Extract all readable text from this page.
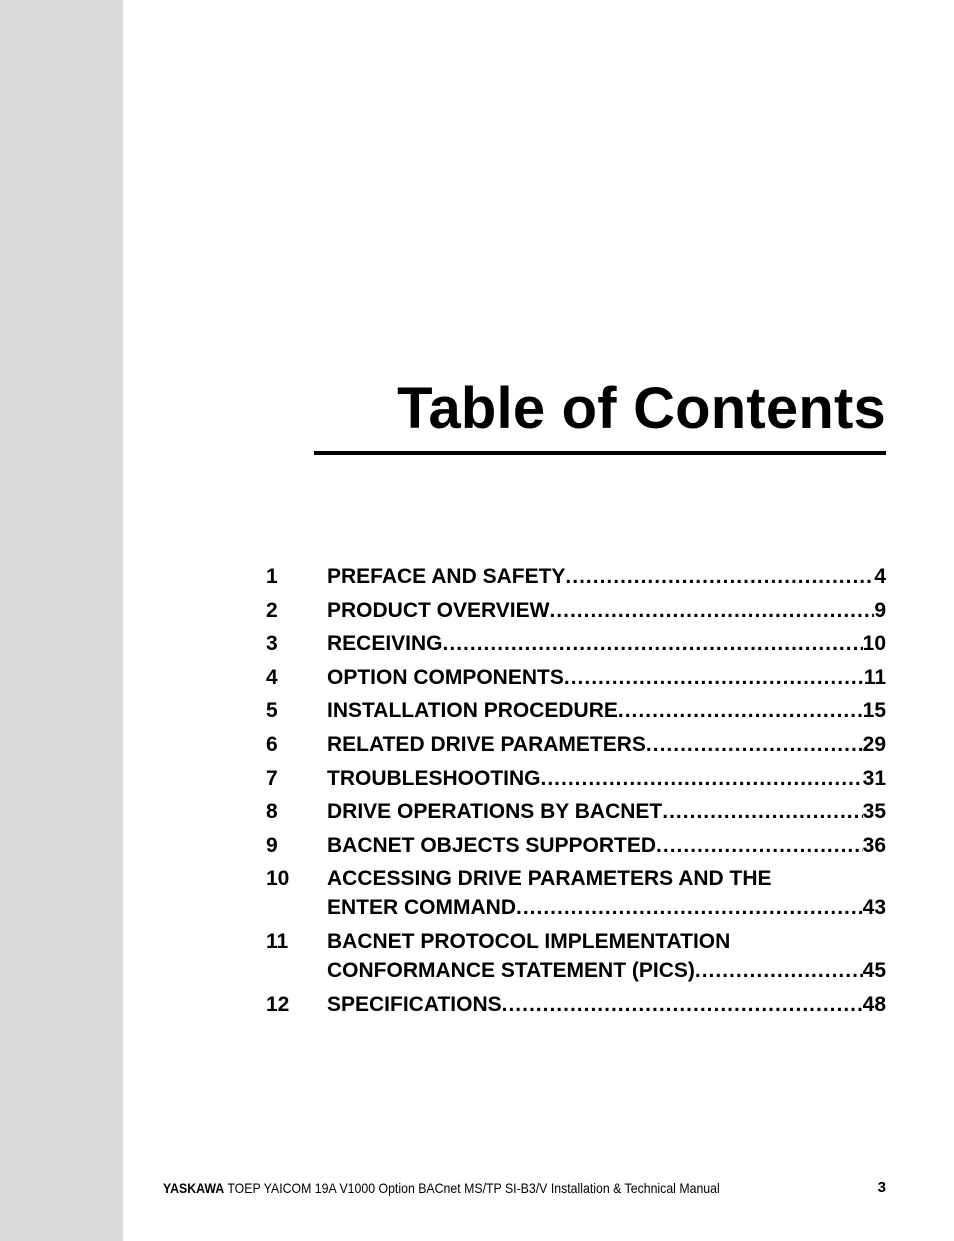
Table of Contents
1	PREFACE AND SAFETY .....	4
2	PRODUCT OVERVIEW .....	9
3	RECEIVING .....	10
4	OPTION COMPONENTS .....	11
5	INSTALLATION PROCEDURE .....	15
6	RELATED DRIVE PARAMETERS .....	29
7	TROUBLESHOOTING .....	31
8	DRIVE OPERATIONS BY BACNET .....	35
9	BACNET OBJECTS SUPPORTED .....	36
10	ACCESSING DRIVE PARAMETERS AND THE
ENTER COMMAND .....	43
11	BACNET PROTOCOL IMPLEMENTATION
CONFORMANCE STATEMENT (PICS) .....	45
12	SPECIFICATIONS .....	48
YASKAWA TOEP YAICOM 19A V1000 Option BACnet MS/TP SI-B3/V Installation & Technical Manual	3
